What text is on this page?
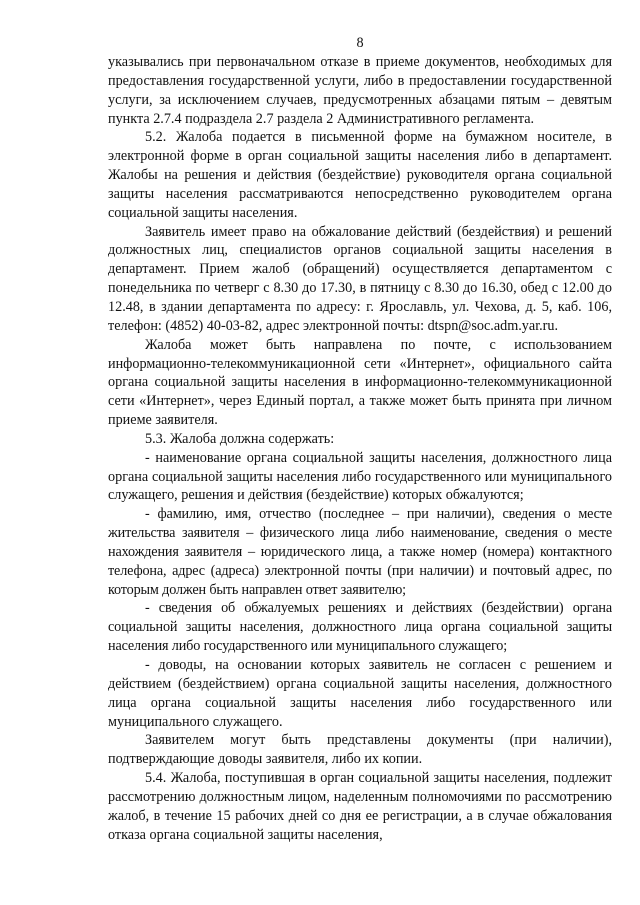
8

указывались при первоначальном отказе в приеме документов, необходимых для предоставления государственной услуги, либо в предоставлении государственной услуги, за исключением случаев, предусмотренных абзацами пятым – девятым пункта 2.7.4 подраздела 2.7 раздела 2 Административного регламента.

5.2. Жалоба подается в письменной форме на бумажном носителе, в электронной форме в орган социальной защиты населения либо в департамент. Жалобы на решения и действия (бездействие) руководителя органа социальной защиты населения рассматриваются непосредственно руководителем органа социальной защиты населения.

Заявитель имеет право на обжалование действий (бездействия) и решений должностных лиц, специалистов органов социальной защиты населения в департамент. Прием жалоб (обращений) осуществляется департаментом с понедельника по четверг с 8.30 до 17.30, в пятницу с 8.30 до 16.30, обед с 12.00 до 12.48, в здании департамента по адресу: г. Ярославль, ул. Чехова, д. 5, каб. 106, телефон: (4852) 40-03-82, адрес электронной почты: dtspn@soc.adm.yar.ru.

Жалоба может быть направлена по почте, с использованием информационно-телекоммуникационной сети «Интернет», официального сайта органа социальной защиты населения в информационно-телекоммуникационной сети «Интернет», через Единый портал, а также может быть принята при личном приеме заявителя.

5.3. Жалоба должна содержать:

- наименование органа социальной защиты населения, должностного лица органа социальной защиты населения либо государственного или муниципального служащего, решения и действия (бездействие) которых обжалуются;

- фамилию, имя, отчество (последнее – при наличии), сведения о месте жительства заявителя – физического лица либо наименование, сведения о месте нахождения заявителя – юридического лица, а также номер (номера) контактного телефона, адрес (адреса) электронной почты (при наличии) и почтовый адрес, по которым должен быть направлен ответ заявителю;

- сведения об обжалуемых решениях и действиях (бездействии) органа социальной защиты населения, должностного лица органа социальной защиты населения либо государственного или муниципального служащего;

- доводы, на основании которых заявитель не согласен с решением и действием (бездействием) органа социальной защиты населения, должностного лица органа социальной защиты населения либо государственного или муниципального служащего.

Заявителем могут быть представлены документы (при наличии), подтверждающие доводы заявителя, либо их копии.

5.4. Жалоба, поступившая в орган социальной защиты населения, подлежит рассмотрению должностным лицом, наделенным полномочиями по рассмотрению жалоб, в течение 15 рабочих дней со дня ее регистрации, а в случае обжалования отказа органа социальной защиты населения,
